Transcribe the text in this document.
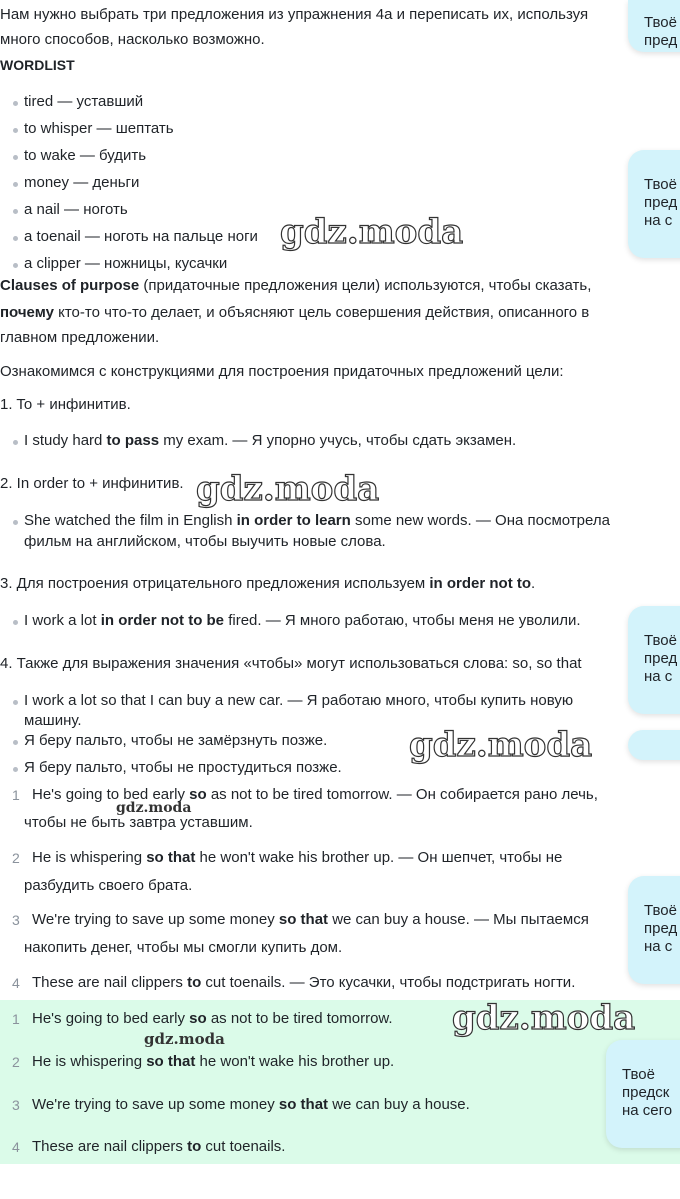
Нам нужно выбрать три предложения из упражнения 4а и переписать их, используя
много способов, насколько возможно.
WORDLIST
tired — уставший
to whisper — шептать
to wake — будить
money — деньги
a nail — ноготь
a toenail — ноготь на пальце ноги
a clipper — ножницы, кусачки
Clauses of purpose (придаточные предложения цели) используются, чтобы сказать,
почему кто-то что-то делает, и объясняют цель совершения действия, описанного в
главном предложении.
Ознакомимся с конструкциями для построения придаточных предложений цели:
1. To + инфинитив.
I study hard to pass my exam. — Я упорно учусь, чтобы сдать экзамен.
2. In order to + инфинитив.
She watched the film in English in order to learn some new words. — Она посмотрела
фильм на английском, чтобы выучить новые слова.
3. Для построения отрицательного предложения используем in order not to.
I work a lot in order not to be fired. — Я много работаю, чтобы меня не уволили.
4. Также для выражения значения «чтобы» могут использоваться слова: so, so that
I work a lot so that I can buy a new car. — Я работаю много, чтобы купить новую
машину.
Я беру пальто, чтобы не замёрзнуть позже.
Я беру пальто, чтобы не простудиться позже.
1 He's going to bed early so as not to be tired tomorrow. — Он собирается рано лечь,
чтобы не быть завтра уставшим.
2 He is whispering so that he won't wake his brother up. — Он шепчет, чтобы не
разбудить своего брата.
3 We're trying to save up some money so that we can buy a house. — Мы пытаемся
накопить денег, чтобы мы смогли купить дом.
4 These are nail clippers to cut toenails. — Это кусачки, чтобы подстригать ногти.
1 He's going to bed early so as not to be tired tomorrow.
2 He is whispering so that he won't wake his brother up.
3 We're trying to save up some money so that we can buy a house.
4 These are nail clippers to cut toenails.
gdz.moda
gdz.moda
gdz.moda
gdz.moda
gdz.moda
gdz.moda
Твоё
пред
Твоё
пред
на с
Твоё
пред
на с
Твоё
пред
на с
Твоё
предск
на сего
